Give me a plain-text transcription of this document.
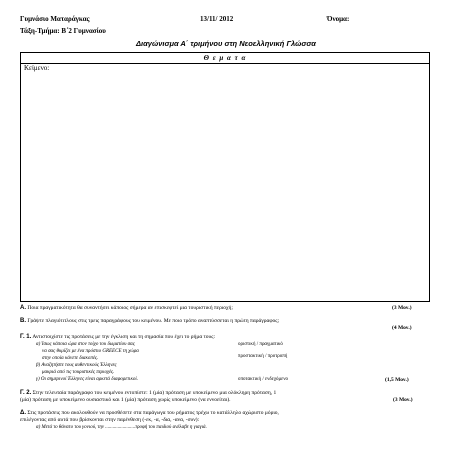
Γυμνάσιο Ματαράγκας	13/11/ 2012	Όνομα:
Τάξη-Τμήμα: Β΄2 Γυμνασίου
Διαγώνισμα Α΄ τριμήνου στη Νεοελληνική Γλώσσα
Θ ε μ α τ α
Κείμενο:
Α. Ποια πραγματικότητα θα συναντήσει κάποιος σήμερα αν επισκεφτεί μια τουριστική περιοχή;	(3 Μον.)
Β. Γράψτε πλαγιότιτλους στις τρεις παραγράφους του κειμένου. Με ποιο τρόπο αναπτύσσεται η πρώτη παράγραφος;
(4 Μον.)
Γ. 1. Αντιστοιχίστε τις προτάσεις με την έγκλιση και τη σημασία που έχει το ρήμα τους:
α) Ίσως κάποια ώρα στον τοίχο του δωματίου σας
να σας θυμίζει με ένα πρόστιο GREECE τη χώρα
στην οποία κάνετε διακοπές.
οριστική / πραγματικό
β) Αναζητήστε τους αυθεντικούς Έλληνες
μακριά από τις τουριστικές περιοχές.
προστακτική / προτροπή
γ) Οι σημερινοί Έλληνες είναι αρκετά διαφορετικοί.	οποτακτική / ενδεχόμενο	(1,5 Μον.)
Γ. 2. Στην τελευταία παράγραφο του κειμένου εντοπίστε: 1 (μία) πρόταση με υποκείμενο μια ολόκληρη πρόταση, 1
(μία) πρόταση με υποκείμενο ουσιαστικό και 1 (μία) πρόταση χωρίς υποκείμενο (να εννοείται).	(3 Μον.)
Δ. Στις προτάσεις που ακολουθούν να προσθέσετε στα παράγωγα του ρήματος τρέχω το κατάλληλο αχώριστο μόριο,
επιλέγοντας από αυτά που βρίσκονται στην παρένθεση (-εκ, -α, -δια, -ανα, -συν):
α) Μετά το θάνατο του γονιού, την ........................τροφή του παιδιού ανέλαβε η γιαγιά.
